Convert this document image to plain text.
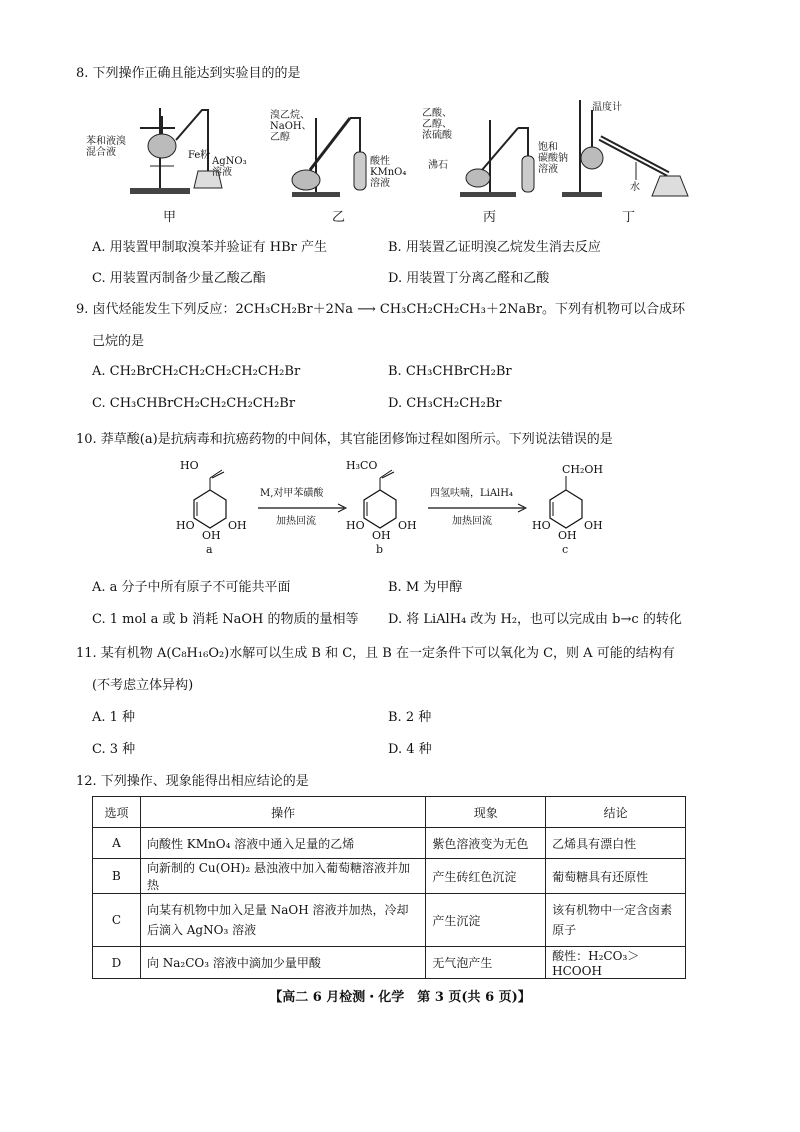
8. 下列操作正确且能达到实验目的的是
苯和液溴
混合液	Fe粉
AgNO₃
溶液
甲
溴乙烷、
NaOH、
乙醇
酸性
KMnO₄
溶液
乙
乙酸、
乙醇、
浓硫酸
沸石
饱和
碳酸钠
溶液
丙
温度计
水
丁
A. 用装置甲制取溴苯并验证有 HBr 产生	B. 用装置乙证明溴乙烷发生消去反应
C. 用装置丙制备少量乙酸乙酯	D. 用装置丁分离乙醛和乙酸
9. 卤代烃能发生下列反应：2CH₃CH₂Br＋2Na ⟶ CH₃CH₂CH₂CH₃＋2NaBr。下列有机物可以合成环
己烷的是
A. CH₂BrCH₂CH₂CH₂CH₂CH₂Br	B. CH₃CHBrCH₂Br
C. CH₃CHBrCH₂CH₂CH₂CH₂Br	D. CH₃CH₂CH₂Br
10. 莽草酸(a)是抗病毒和抗癌药物的中间体，其官能团修饰过程如图所示。下列说法错误的是
HO
HO	OH
OH
a
M,对甲苯磺酸
加热回流
H₃CO
HO	OH
OH
b
四氢呋喃，LiAlH₄
加热回流
CH₂OH
HO	OH
OH
c
A. a 分子中所有原子不可能共平面	B. M 为甲醇
C. 1 mol a 或 b 消耗 NaOH 的物质的量相等 D. 将 LiAlH₄ 改为 H₂，也可以完成由 b→c 的转化
11. 某有机物 A(C₈H₁₆O₂)水解可以生成 B 和 C，且 B 在一定条件下可以氧化为 C，则 A 可能的结构有
(不考虑立体异构)
A. 1 种	B. 2 种
C. 3 种	D. 4 种
12. 下列操作、现象能得出相应结论的是
选项	操作	现象	结论
A	向酸性 KMnO₄ 溶液中通入足量的乙烯	紫色溶液变为无色	乙烯具有漂白性
B	向新制的 Cu(OH)₂ 悬浊液中加入葡萄糖溶液并加热	产生砖红色沉淀	葡萄糖具有还原性
C	向某有机物中加入足量 NaOH 溶液并加热，冷却后滴入 AgNO₃ 溶液	产生沉淀	该有机物中一定含卤素原子
D	向 Na₂CO₃ 溶液中滴加少量甲酸	无气泡产生	酸性：H₂CO₃＞HCOOH
【高二 6 月检测・化学　第 3 页(共 6 页)】
